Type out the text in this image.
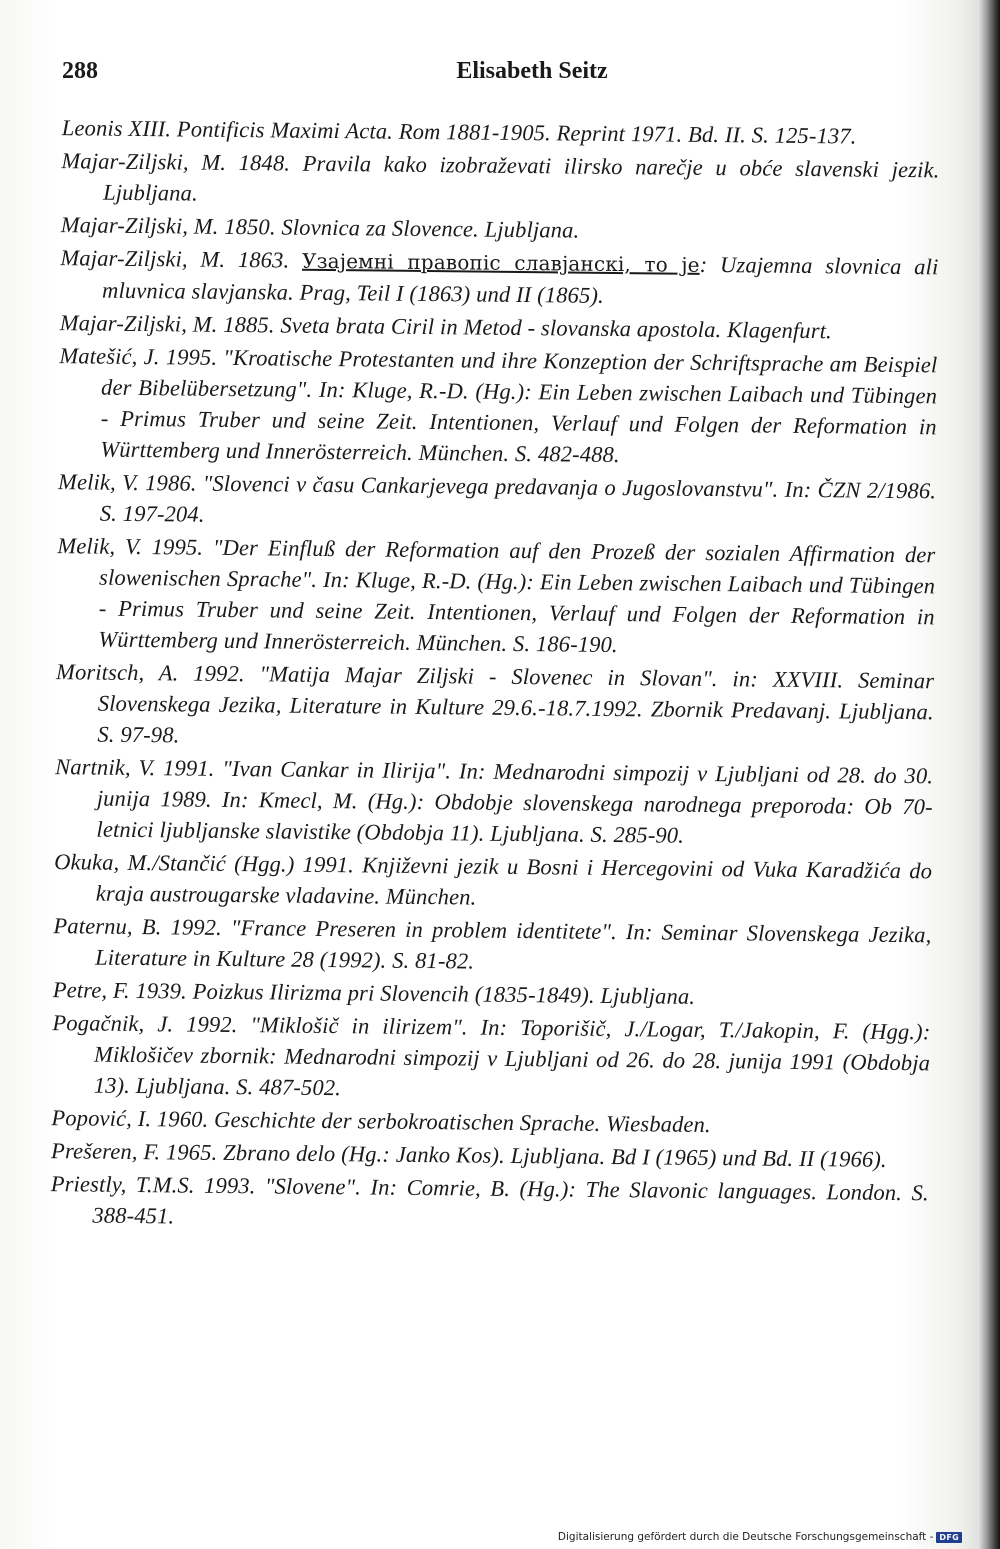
288	Elisabeth Seitz
Leonis XIII. Pontificis Maximi Acta. Rom 1881-1905. Reprint 1971. Bd. II. S. 125-137.
Majar-Ziljski, M. 1848. Pravila kako izobraževati ilirsko narečje u obće slavenski jezik. Ljubljana.
Majar-Ziljski, M. 1850. Slovnica za Slovence. Ljubljana.
Majar-Ziljski, M. 1863. Узајемнi правопiс славјанскi, то је: Uzajemna slovnica ali mluvnica slavjanska. Prag, Teil I (1863) und II (1865).
Majar-Ziljski, M. 1885. Sveta brata Ciril in Metod - slovanska apostola. Klagenfurt.
Matešić, J. 1995. "Kroatische Protestanten und ihre Konzeption der Schriftsprache am Beispiel der Bibelübersetzung". In: Kluge, R.-D. (Hg.): Ein Leben zwischen Laibach und Tübingen - Primus Truber und seine Zeit. Intentionen, Verlauf und Folgen der Reformation in Württemberg und Innerösterreich. München. S. 482-488.
Melik, V. 1986. "Slovenci v času Cankarjevega predavanja o Jugoslovanstvu". In: ČZN 2/1986. S. 197-204.
Melik, V. 1995. "Der Einfluß der Reformation auf den Prozeß der sozialen Affirmation der slowenischen Sprache". In: Kluge, R.-D. (Hg.): Ein Leben zwischen Laibach und Tübingen - Primus Truber und seine Zeit. Intentionen, Verlauf und Folgen der Reformation in Württemberg und Innerösterreich. München. S. 186-190.
Moritsch, A. 1992. "Matija Majar Ziljski - Slovenec in Slovan". in: XXVIII. Seminar Slovenskega Jezika, Literature in Kulture 29.6.-18.7.1992. Zbornik Predavanj. Ljubljana. S. 97-98.
Nartnik, V. 1991. "Ivan Cankar in Ilirija". In: Mednarodni simpozij v Ljubljani od 28. do 30. junija 1989. In: Kmecl, M. (Hg.): Obdobje slovenskega narodnega preporoda: Ob 70-letnici ljubljanske slavistike (Obdobja 11). Ljubljana. S. 285-90.
Okuka, M./Stančić (Hgg.) 1991. Književni jezik u Bosni i Hercegovini od Vuka Karadžića do kraja austrougarske vladavine. München.
Paternu, B. 1992. "France Preseren in problem identitete". In: Seminar Slovenskega Jezika, Literature in Kulture 28 (1992). S. 81-82.
Petre, F. 1939. Poizkus Ilirizma pri Slovencih (1835-1849). Ljubljana.
Pogačnik, J. 1992. "Miklošič in ilirizem". In: Toporišič, J./Logar, T./Jakopin, F. (Hgg.): Miklošičev zbornik: Mednarodni simpozij v Ljubljani od 26. do 28. junija 1991 (Obdobja 13). Ljubljana. S. 487-502.
Popović, I. 1960. Geschichte der serbokroatischen Sprache. Wiesbaden.
Prešeren, F. 1965. Zbrano delo (Hg.: Janko Kos). Ljubljana. Bd I (1965) und Bd. II (1966).
Priestly, T.M.S. 1993. "Slovene". In: Comrie, B. (Hg.): The Slavonic languages. London. S. 388-451.
Digitalisierung gefördert durch die Deutsche Forschungsgemeinschaft - DFG
